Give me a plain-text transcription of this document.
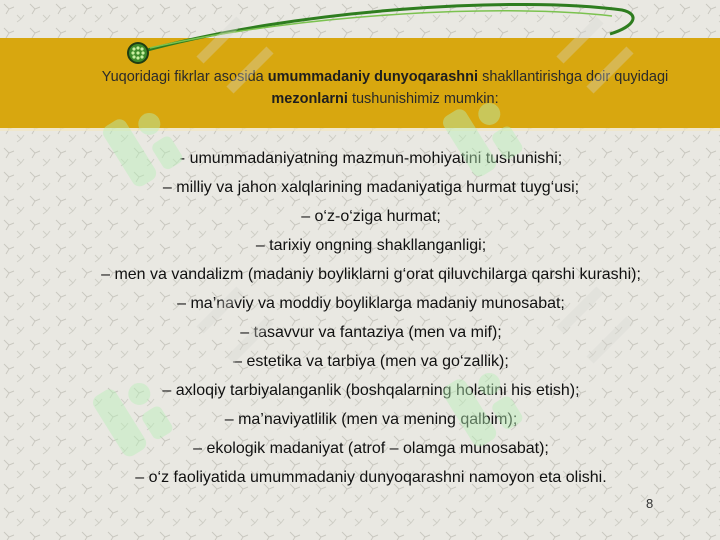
Yuqoridagi fikrlar asosida umummadaniy dunyoqarashni shakllantirishga doir quyidagi
mezonlarni tushunishimiz mumkin:
- umummadaniyatning mazmun-mohiyatini tushunishi;
– milliy va jahon xalqlarining madaniyatiga hurmat tuyg‘usi;
– o‘z-o‘ziga hurmat;
– tarixiy ongning shakllanganligi;
– men va vandalizm (madaniy boyliklarni g‘orat qiluvchilarga qarshi kurashi);
– ma’naviy va moddiy boyliklarga madaniy munosabat;
– tasavvur va fantaziya (men va mif);
– estetika va tarbiya (men va go‘zallik);
– axloqiy tarbiyalanganlik (boshqalarning holatini his etish);
– ma’naviyatlilik (men va mening qalbim);
– ekologik madaniyat (atrof – olamga munosabat);
– o‘z faoliyatida umummadaniy dunyoqarashni namoyon eta olishi.
8
